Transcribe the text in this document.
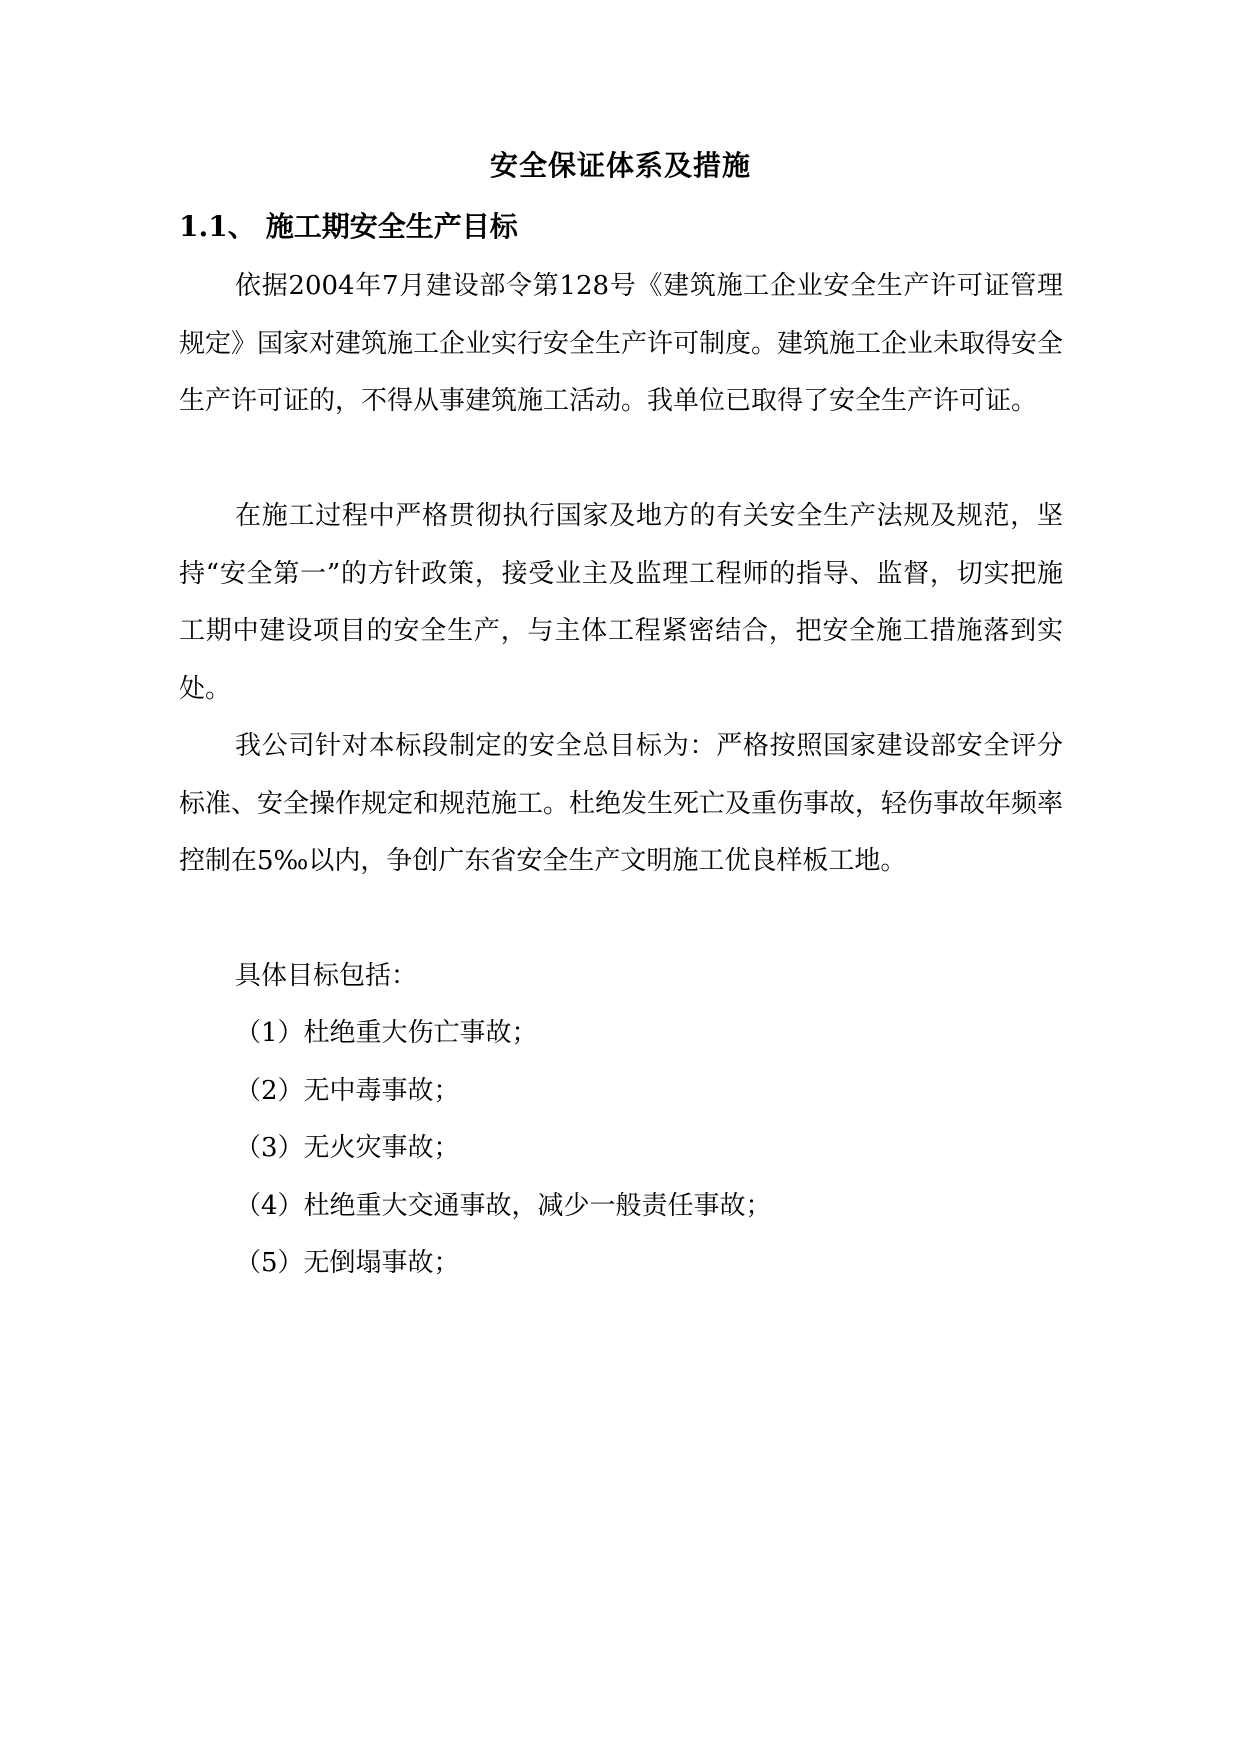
安全保证体系及措施
1.1、 施工期安全生产目标

依据2004年7月建设部令第128号《建筑施工企业安全生产许可证管理规定》国家对建筑施工企业实行安全生产许可制度。建筑施工企业未取得安全生产许可证的，不得从事建筑施工活动。我单位已取得了安全生产许可证。

在施工过程中严格贯彻执行国家及地方的有关安全生产法规及规范，坚持“安全第一”的方针政策，接受业主及监理工程师的指导、监督，切实把施工期中建设项目的安全生产，与主体工程紧密结合，把安全施工措施落到实处。

我公司针对本标段制定的安全总目标为：严格按照国家建设部安全评分标准、安全操作规定和规范施工。杜绝发生死亡及重伤事故，轻伤事故年频率控制在5‰以内，争创广东省安全生产文明施工优良样板工地。

具体目标包括：
（1）杜绝重大伤亡事故；
（2）无中毒事故；
（3）无火灾事故；
（4）杜绝重大交通事故，减少一般责任事故；
（5）无倒塌事故；
